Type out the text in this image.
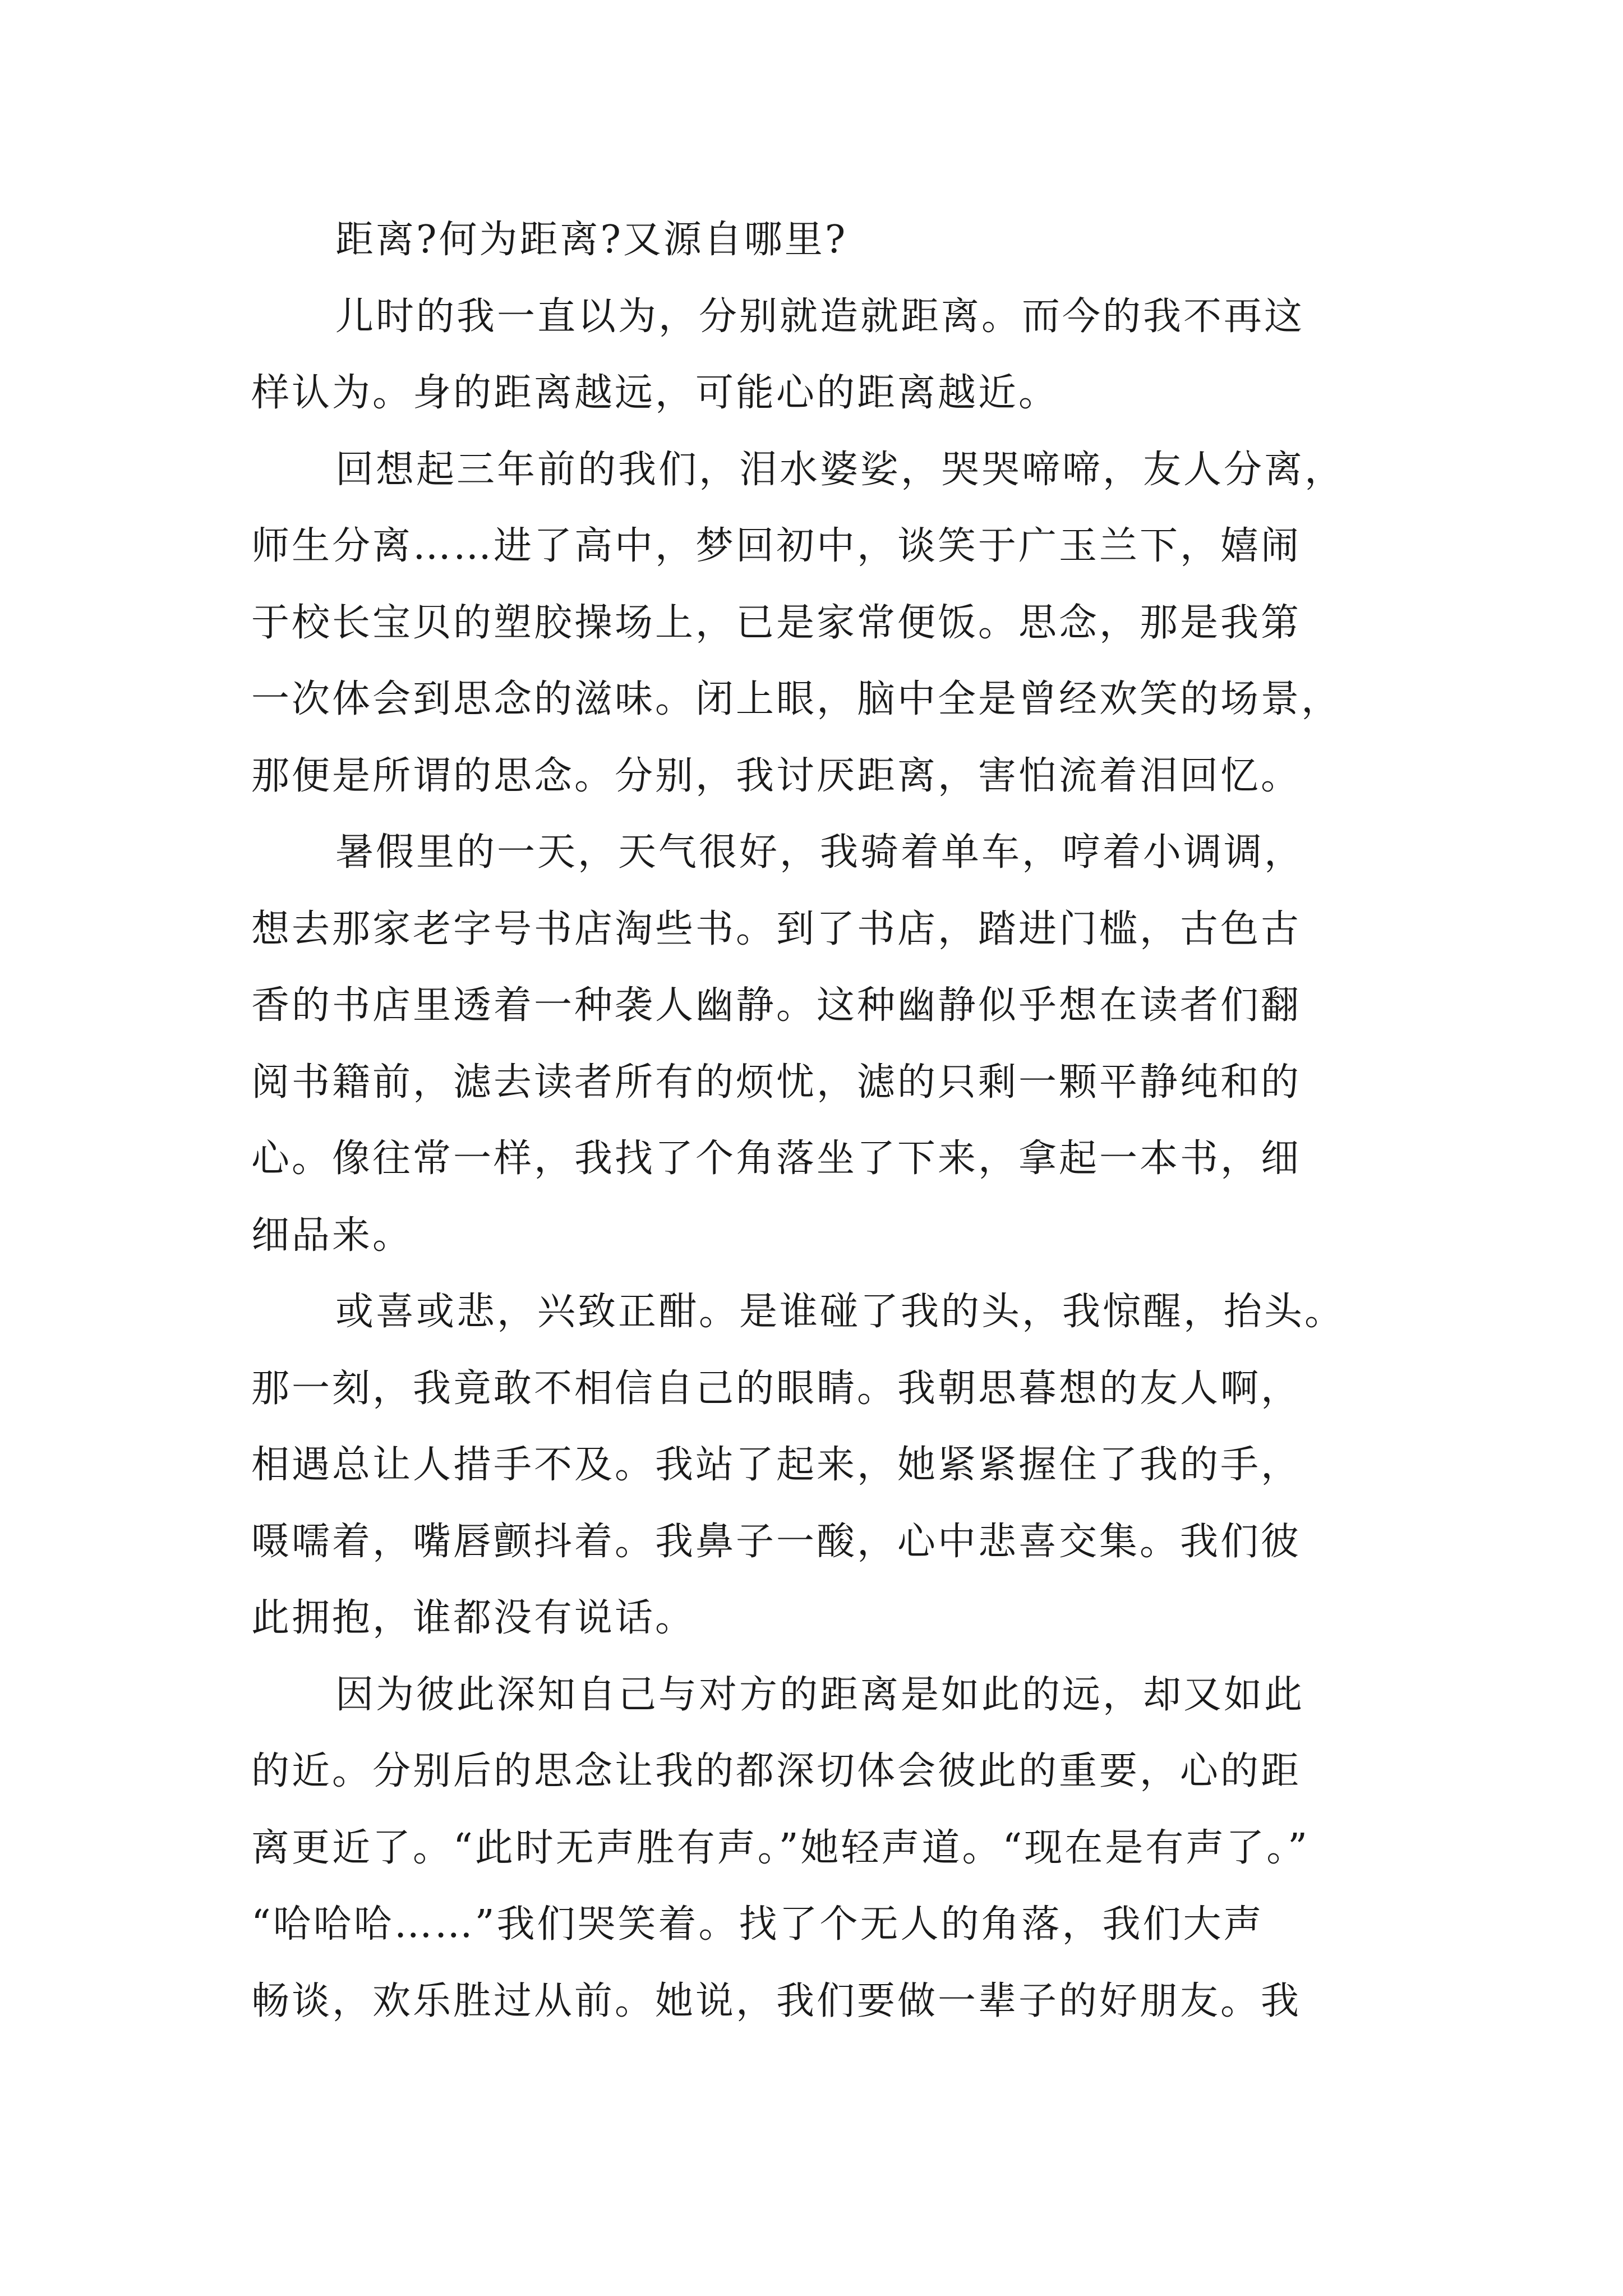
距离?何为距离?又源自哪里?
儿时的我一直以为，分别就造就距离。而今的我不再这
样认为。身的距离越远，可能心的距离越近。
回想起三年前的我们，泪水婆娑，哭哭啼啼，友人分离，
师生分离……进了高中，梦回初中，谈笑于广玉兰下，嬉闹
于校长宝贝的塑胶操场上，已是家常便饭。思念，那是我第
一次体会到思念的滋味。闭上眼，脑中全是曾经欢笑的场景，
那便是所谓的思念。分别，我讨厌距离，害怕流着泪回忆。
暑假里的一天，天气很好，我骑着单车，哼着小调调，
想去那家老字号书店淘些书。到了书店，踏进门槛，古色古
香的书店里透着一种袭人幽静。这种幽静似乎想在读者们翻
阅书籍前，滤去读者所有的烦忧，滤的只剩一颗平静纯和的
心。像往常一样，我找了个角落坐了下来，拿起一本书，细
细品来。
或喜或悲，兴致正酣。是谁碰了我的头，我惊醒，抬头。
那一刻，我竟敢不相信自己的眼睛。我朝思暮想的友人啊，
相遇总让人措手不及。我站了起来，她紧紧握住了我的手，
嗫嚅着，嘴唇颤抖着。我鼻子一酸，心中悲喜交集。我们彼
此拥抱，谁都没有说话。
因为彼此深知自己与对方的距离是如此的远，却又如此
的近。分别后的思念让我的都深切体会彼此的重要，心的距
离更近了。“此时无声胜有声。”她轻声道。“现在是有声了。”
“哈哈哈……”我们哭笑着。找了个无人的角落，我们大声
畅谈，欢乐胜过从前。她说，我们要做一辈子的好朋友。我
